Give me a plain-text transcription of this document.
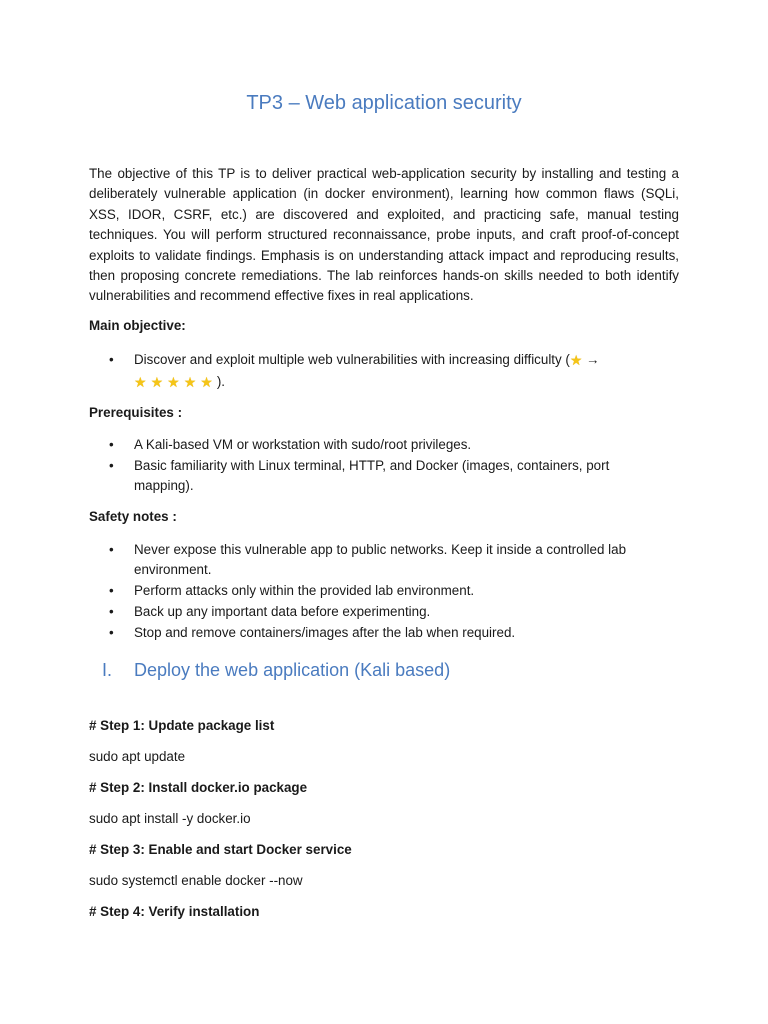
TP3 – Web application security
The objective of this TP is to deliver practical web-application security by installing and testing a deliberately vulnerable application (in docker environment), learning how common flaws (SQLi, XSS, IDOR, CSRF, etc.) are discovered and exploited, and practicing safe, manual testing techniques. You will perform structured reconnaissance, probe inputs, and craft proof-of-concept exploits to validate findings. Emphasis is on understanding attack impact and reproducing results, then proposing concrete remediations. The lab reinforces hands-on skills needed to both identify vulnerabilities and recommend effective fixes in real applications.
Main objective:
• Discover and exploit multiple web vulnerabilities with increasing difficulty (★ →
★ ★ ★ ★ ★ ).
Prerequisites :
• A Kali-based VM or workstation with sudo/root privileges.
• Basic familiarity with Linux terminal, HTTP, and Docker (images, containers, port mapping).
Safety notes :
• Never expose this vulnerable app to public networks. Keep it inside a controlled lab environment.
• Perform attacks only within the provided lab environment.
• Back up any important data before experimenting.
• Stop and remove containers/images after the lab when required.
I. Deploy the web application (Kali based)
# Step 1: Update package list
sudo apt update
# Step 2: Install docker.io package
sudo apt install -y docker.io
# Step 3: Enable and start Docker service
sudo systemctl enable docker --now
# Step 4: Verify installation
